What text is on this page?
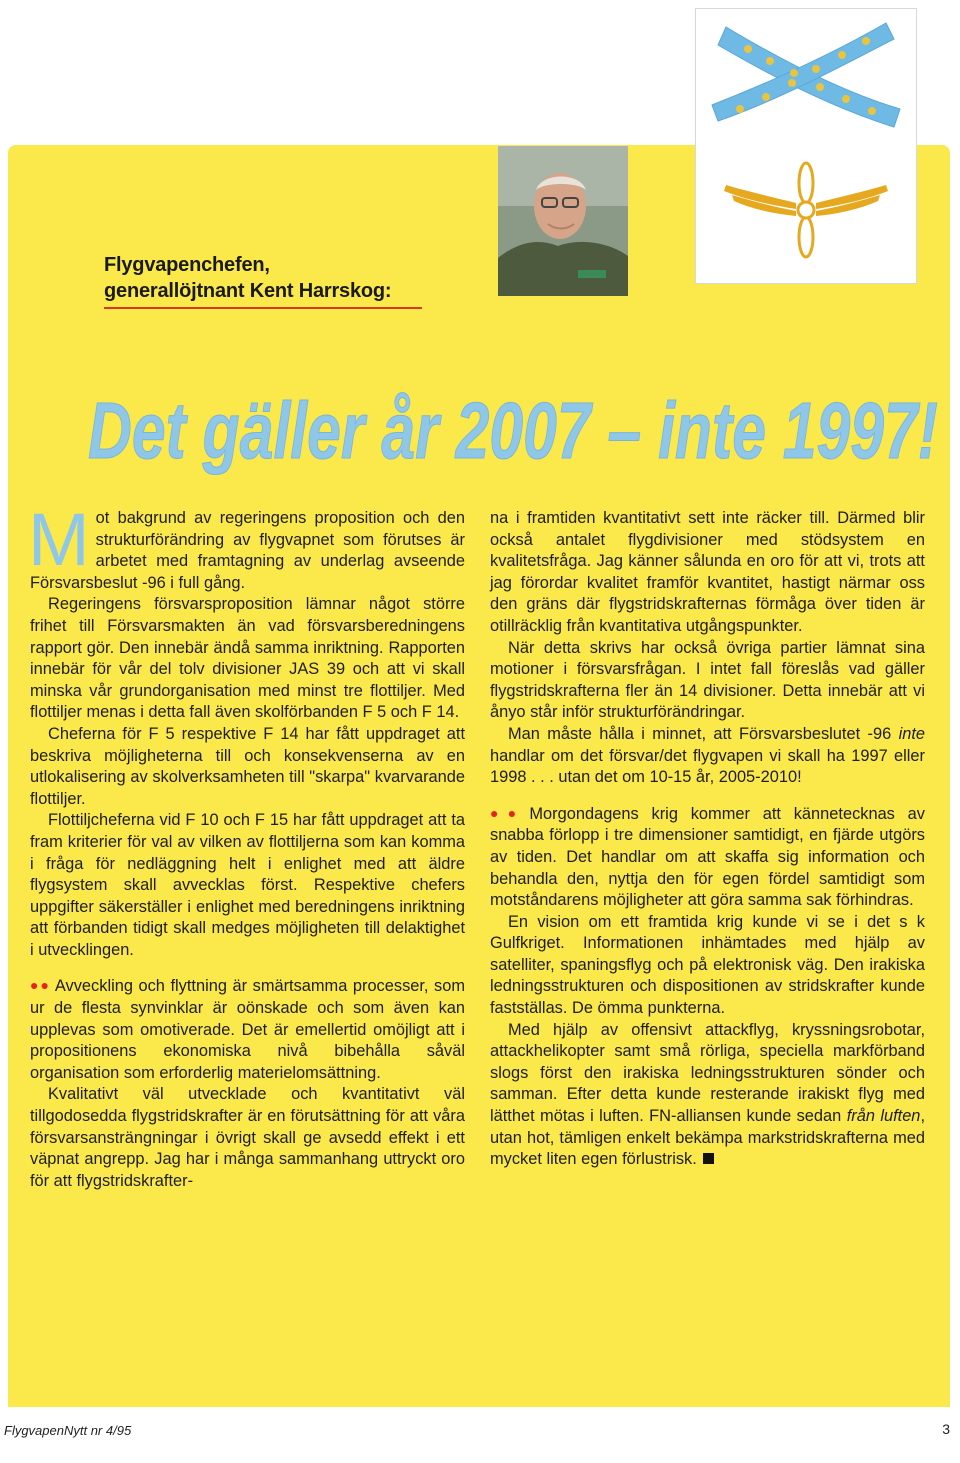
Flygvapenchefen,
generallöjtnant Kent Harrskog:
Det gäller år 2007 – inte 1997!

Mot bakgrund av regeringens proposition och den strukturförändring av flygvapnet som förutses är arbetet med framtagning av underlag avseende Försvarsbeslut -96 i full gång.

Regeringens försvarsproposition lämnar något större frihet till Försvarsmakten än vad försvarsberedningens rapport gör. Den innebär ändå samma inriktning. Rapporten innebär för vår del tolv divisioner JAS 39 och att vi skall minska vår grundorganisation med minst tre flottiljer. Med flottiljer menas i detta fall även skolförbanden F 5 och F 14.

Cheferna för F 5 respektive F 14 har fått uppdraget att beskriva möjligheterna till och konsekvenserna av en utlokalisering av skolverksamheten till "skarpa" kvarvarande flottiljer.

Flottiljcheferna vid F 10 och F 15 har fått uppdraget att ta fram kriterier för val av vilken av flottiljerna som kan komma i fråga för nedläggning helt i enlighet med att äldre flygsystem skall avvecklas först. Respektive chefers uppgifter säkerställer i enlighet med beredningens inriktning att förbanden tidigt skall medges möjligheten till delaktighet i utvecklingen.

●● Avveckling och flyttning är smärtsamma processer, som ur de flesta synvinklar är oönskade och som även kan upplevas som omotiverade. Det är emellertid omöjligt att i propositionens ekonomiska nivå bibehålla såväl organisation som erforderlig materielomsättning.

Kvalitativt väl utvecklade och kvantitativt väl tillgodosedda flygstridskrafter är en förutsättning för att våra försvarsansträngningar i övrigt skall ge avsedd effekt i ett väpnat angrepp. Jag har i många sammanhang uttryckt oro för att flygstridskrafter-

na i framtiden kvantitativt sett inte räcker till. Därmed blir också antalet flygdivisioner med stödsystem en kvalitetsfråga. Jag känner sålunda en oro för att vi, trots att jag förordar kvalitet framför kvantitet, hastigt närmar oss den gräns där flygstridskrafternas förmåga över tiden är otillräcklig från kvantitativa utgångspunkter.

När detta skrivs har också övriga partier lämnat sina motioner i försvarsfrågan. I intet fall föreslås vad gäller flygstridskrafterna fler än 14 divisioner. Detta innebär att vi ånyo står inför strukturförändringar.

Man måste hålla i minnet, att Försvarsbeslutet -96 inte handlar om det försvar/det flygvapen vi skall ha 1997 eller 1998 . . . utan det om 10-15 år, 2005-2010!

●● Morgondagens krig kommer att kännetecknas av snabba förlopp i tre dimensioner samtidigt, en fjärde utgörs av tiden. Det handlar om att skaffa sig information och behandla den, nyttja den för egen fördel samtidigt som motståndarens möjligheter att göra samma sak förhindras.

En vision om ett framtida krig kunde vi se i det s k Gulfkriget. Informationen inhämtades med hjälp av satelliter, spaningsflyg och på elektronisk väg. Den irakiska ledningsstrukturen och dispositionen av stridskrafter kunde fastställas. De ömma punkterna.

Med hjälp av offensivt attackflyg, kryssningsrobotar, attackhelikopter samt små rörliga, speciella markförband slogs först den irakiska ledningsstrukturen sönder och samman. Efter detta kunde resterande irakiskt flyg med lätthet mötas i luften. FN-alliansen kunde sedan från luften, utan hot, tämligen enkelt bekämpa markstridskrafterna med mycket liten egen förlustrisk.

FlygvapenNytt nr 4/95	3
